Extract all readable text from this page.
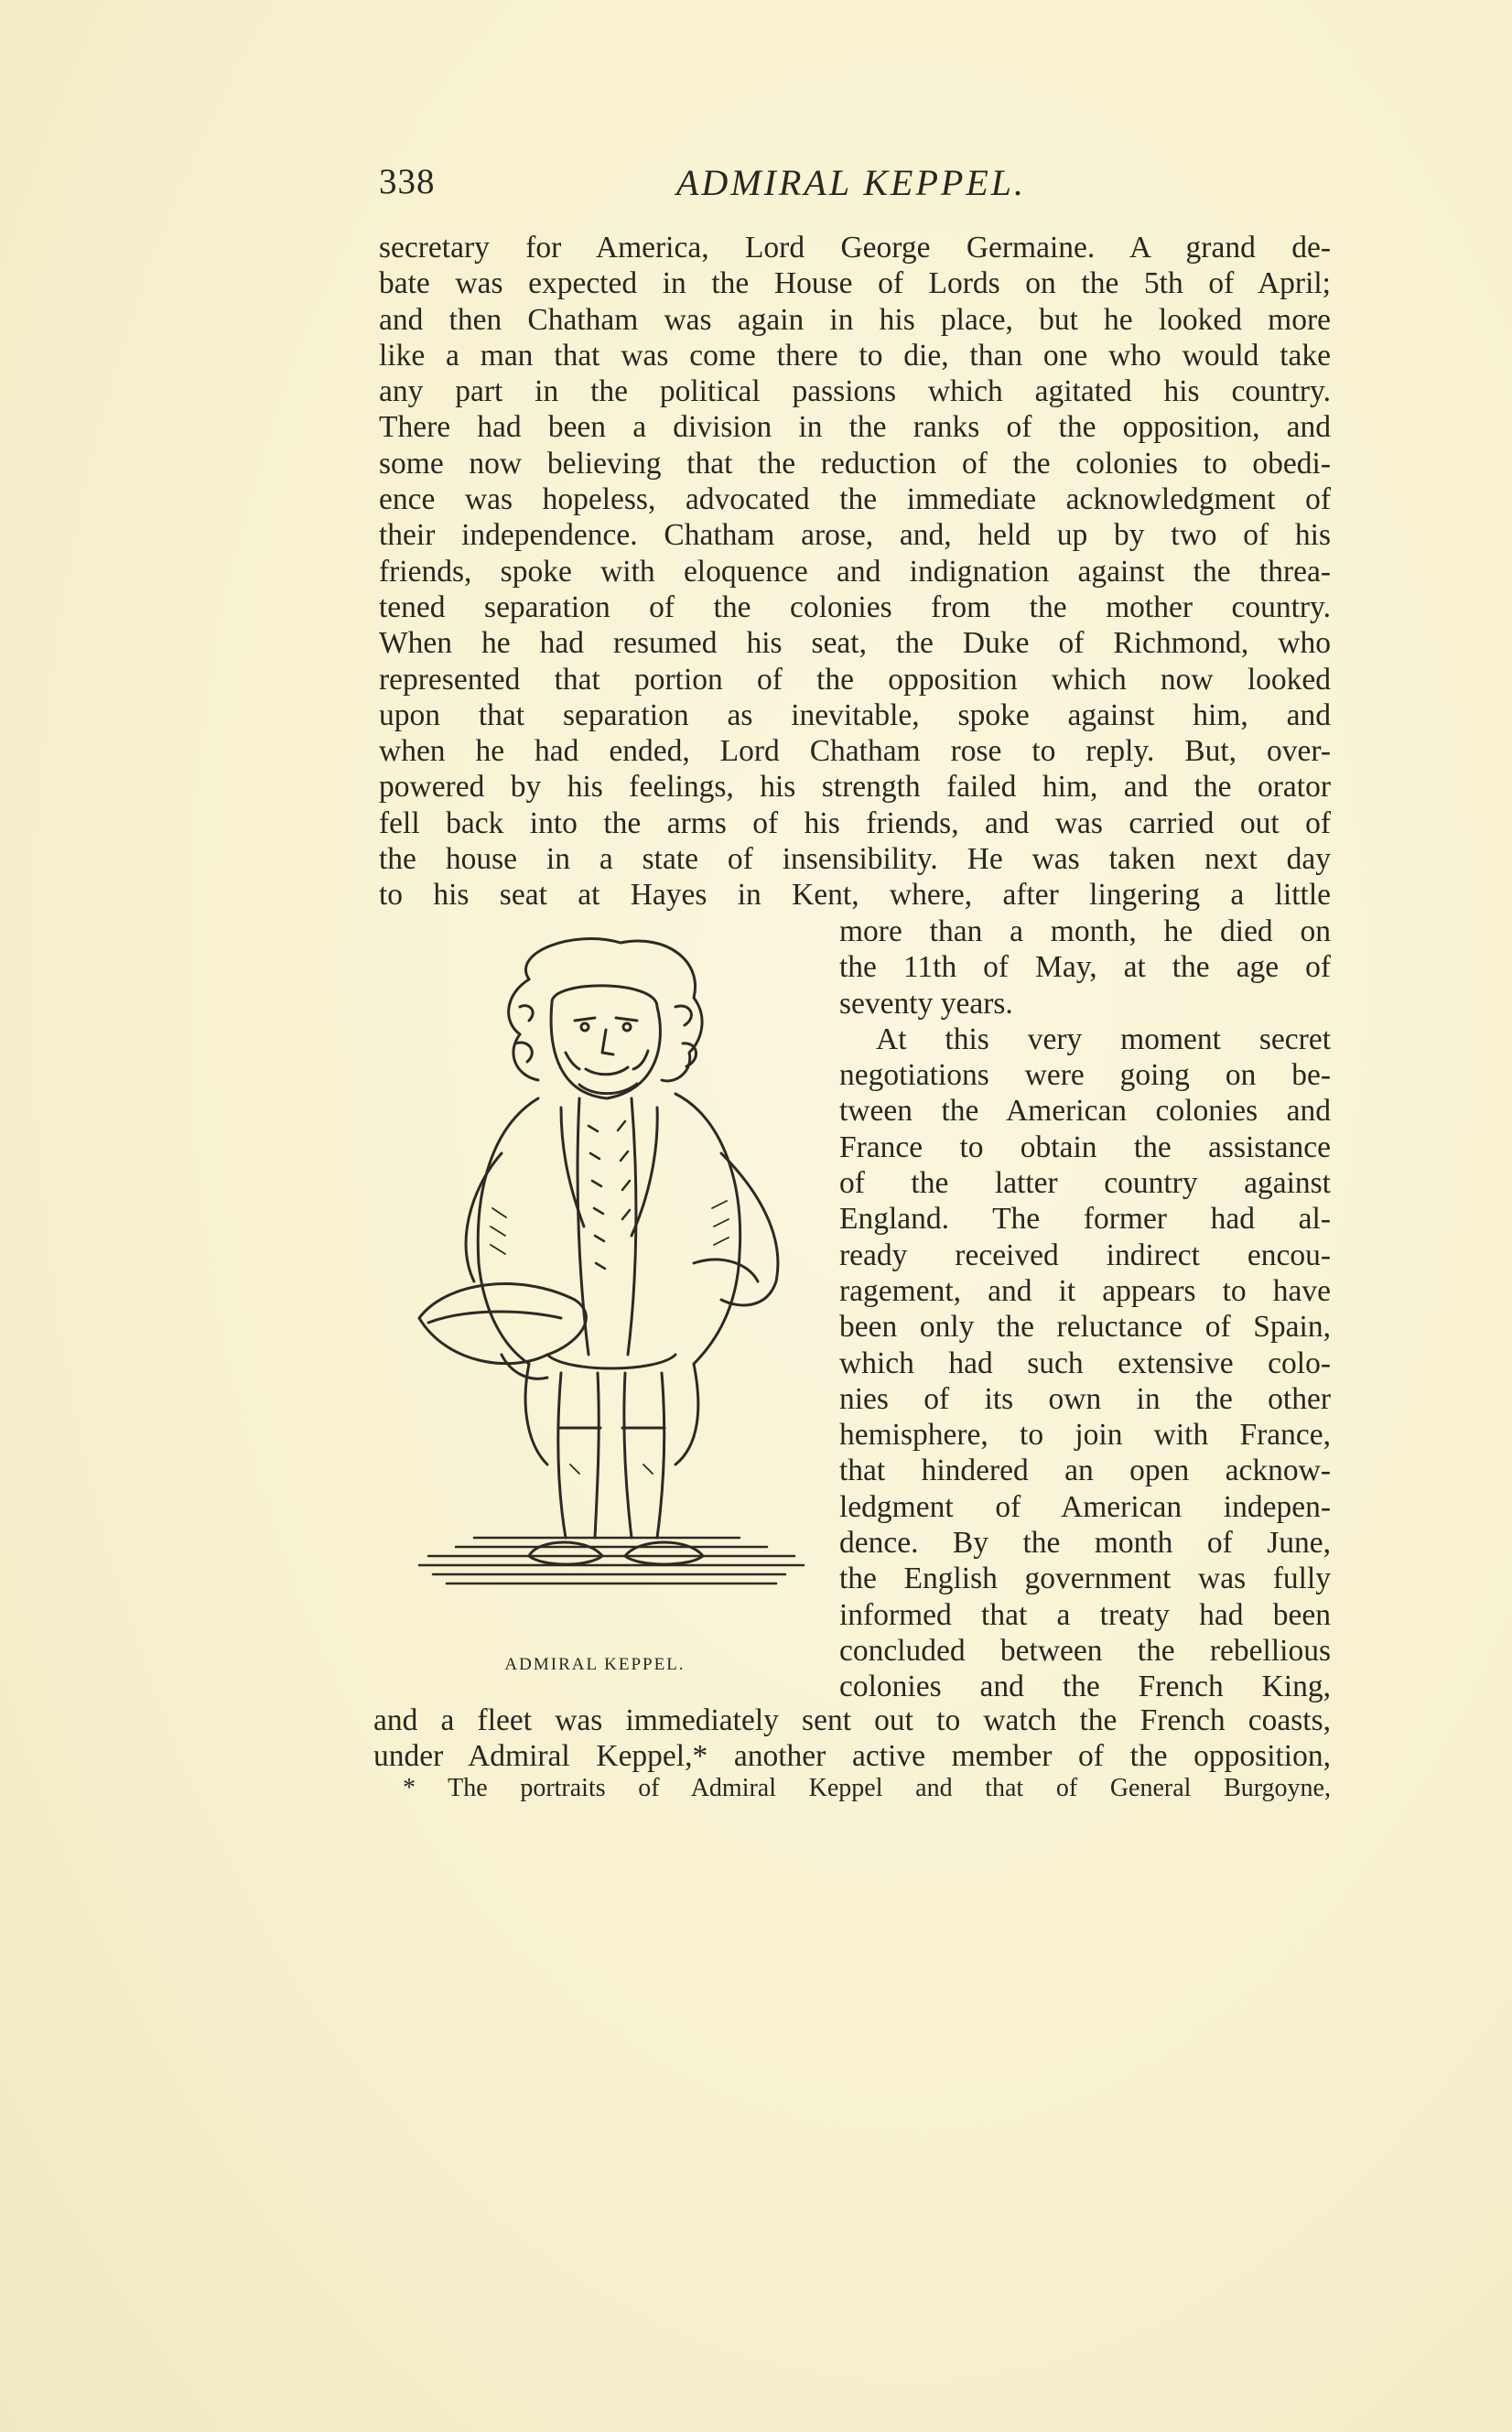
338	ADMIRAL KEPPEL.
secretary for America, Lord George Germaine. A grand de-
bate was expected in the House of Lords on the 5th of April;
and then Chatham was again in his place, but he looked more
like a man that was come there to die, than one who would take
any part in the political passions which agitated his country.
There had been a division in the ranks of the opposition, and
some now believing that the reduction of the colonies to obedi-
ence was hopeless, advocated the immediate acknowledgment of
their independence. Chatham arose, and, held up by two of his
friends, spoke with eloquence and indignation against the threa-
tened separation of the colonies from the mother country.
When he had resumed his seat, the Duke of Richmond, who
represented that portion of the opposition which now looked
upon that separation as inevitable, spoke against him, and
when he had ended, Lord Chatham rose to reply. But, over-
powered by his feelings, his strength failed him, and the orator
fell back into the arms of his friends, and was carried out of
the house in a state of insensibility. He was taken next day
to his seat at Hayes in Kent, where, after lingering a little
ADMIRAL KEPPEL.
more than a month, he died on
the 11th of May, at the age of
seventy years.
At this very moment secret
negotiations were going on be-
tween the American colonies and
France to obtain the assistance
of the latter country against
England. The former had al-
ready received indirect encou-
ragement, and it appears to have
been only the reluctance of Spain,
which had such extensive colo-
nies of its own in the other
hemisphere, to join with France,
that hindered an open acknow-
ledgment of American indepen-
dence. By the month of June,
the English government was fully
informed that a treaty had been
concluded between the rebellious
colonies and the French King,
and a fleet was immediately sent out to watch the French coasts,
under Admiral Keppel,* another active member of the opposition,
* The portraits of Admiral Keppel and that of General Burgoyne,
